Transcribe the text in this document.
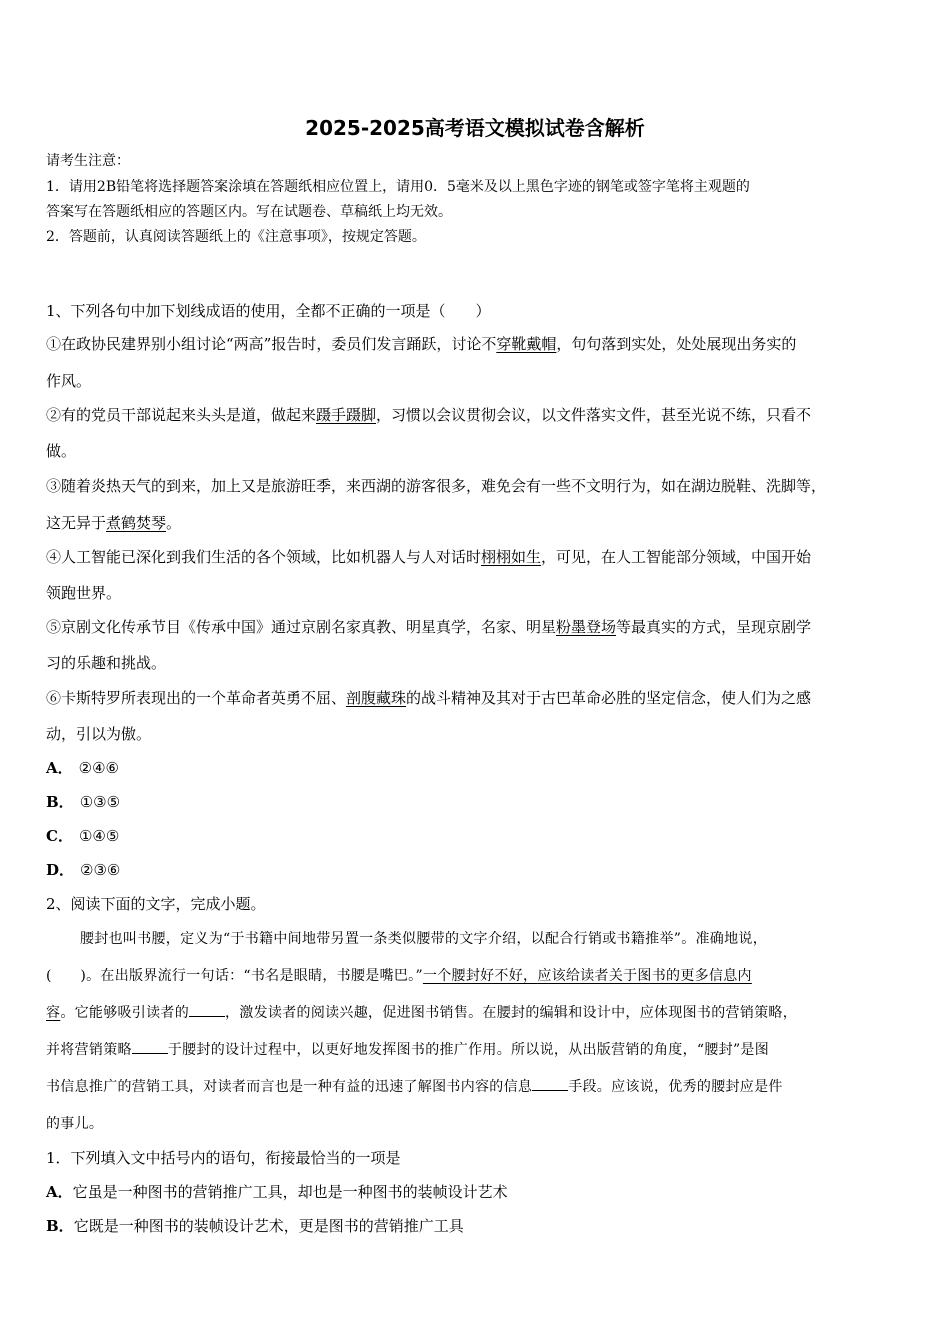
2025-2025高考语文模拟试卷含解析
请考生注意：
1．请用2B铅笔将选择题答案涂填在答题纸相应位置上，请用0．5毫米及以上黑色字迹的钢笔或签字笔将主观题的
答案写在答题纸相应的答题区内。写在试题卷、草稿纸上均无效。
2．答题前，认真阅读答题纸上的《注意事项》，按规定答题。
1、下列各句中加下划线成语的使用，全都不正确的一项是（　　）
①在政协民建界别小组讨论“两高”报告时，委员们发言踊跃，讨论不穿靴戴帽，句句落到实处，处处展现出务实的
作风。
②有的党员干部说起来头头是道，做起来蹑手蹑脚，习惯以会议贯彻会议，以文件落实文件，甚至光说不练，只看不
做。
③随着炎热天气的到来，加上又是旅游旺季，来西湖的游客很多，难免会有一些不文明行为，如在湖边脱鞋、洗脚等，
这无异于煮鹤焚琴。
④人工智能已深化到我们生活的各个领域，比如机器人与人对话时栩栩如生，可见，在人工智能部分领域，中国开始
领跑世界。
⑤京剧文化传承节目《传承中国》通过京剧名家真教、明星真学，名家、明星粉墨登场等最真实的方式，呈现京剧学
习的乐趣和挑战。
⑥卡斯特罗所表现出的一个革命者英勇不屈、剖腹藏珠的战斗精神及其对于古巴革命必胜的坚定信念，使人们为之感
动，引以为傲。
A． ②④⑥
B． ①③⑤
C． ①④⑤
D． ②③⑥
2、阅读下面的文字，完成小题。
腰封也叫书腰，定义为“于书籍中间地带另置一条类似腰带的文字介绍，以配合行销或书籍推举”。准确地说，
(　　)。在出版界流行一句话：“书名是眼睛，书腰是嘴巴。”一个腰封好不好，应该给读者关于图书的更多信息内
容。它能够吸引读者的	，激发读者的阅读兴趣，促进图书销售。在腰封的编辑和设计中，应体现图书的营销策略，
并将营销策略	于腰封的设计过程中，以更好地发挥图书的推广作用。所以说，从出版营销的角度，“腰封”是图
书信息推广的营销工具，对读者而言也是一种有益的迅速了解图书内容的信息	手段。应该说，优秀的腰封应是件
的事儿。
1．下列填入文中括号内的语句，衔接最恰当的一项是
A．它虽是一种图书的营销推广工具，却也是一种图书的装帧设计艺术
B．它既是一种图书的装帧设计艺术，更是图书的营销推广工具
